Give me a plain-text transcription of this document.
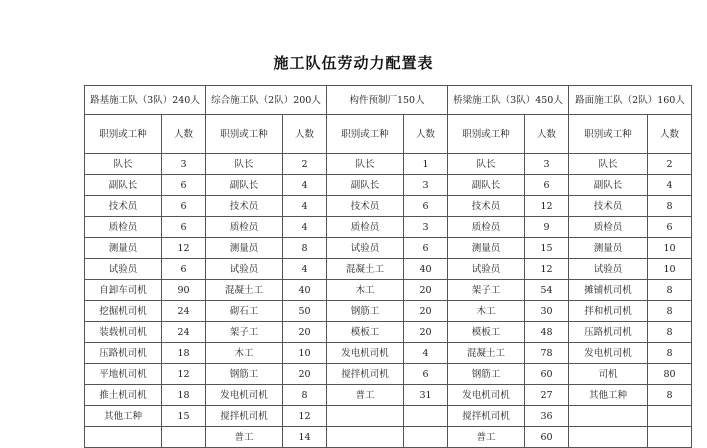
施工队伍劳动力配置表
路基施工队（3队）240人		综合施工队（2队）200人		构件预制厂150人		桥梁施工队（3队）450人		路面施工队（2队）160人	
职别或工种	人数	职别或工种	人数	职别或工种	人数	职别或工种	人数	职别或工种	人数
队长	3	队长	2	队长	1	队长	3	队长	2
副队长	6	副队长	4	副队长	3	副队长	6	副队长	4
技术员	6	技术员	4	技术员	6	技术员	12	技术员	8
质检员	6	质检员	4	质检员	3	质检员	9	质检员	6
测量员	12	测量员	8	试验员	6	测量员	15	测量员	10
试验员	6	试验员	4	混凝土工	40	试验员	12	试验员	10
自卸车司机	90	混凝土工	40	木工	20	架子工	54	摊铺机司机	8
挖掘机司机	24	砌石工	50	钢筋工	20	木工	30	拌和机司机	8
装载机司机	24	架子工	20	模板工	20	模板工	48	压路机司机	8
压路机司机	18	木工	10	发电机司机	4	混凝土工	78	发电机司机	8
平地机司机	12	钢筋工	20	搅拌机司机	6	钢筋工	60	司机	80
推土机司机	18	发电机司机	8	普工	31	发电机司机	27	其他工种	8
其他工种	15	搅拌机司机	12			搅拌机司机	36		
		普工	14			普工	60		
